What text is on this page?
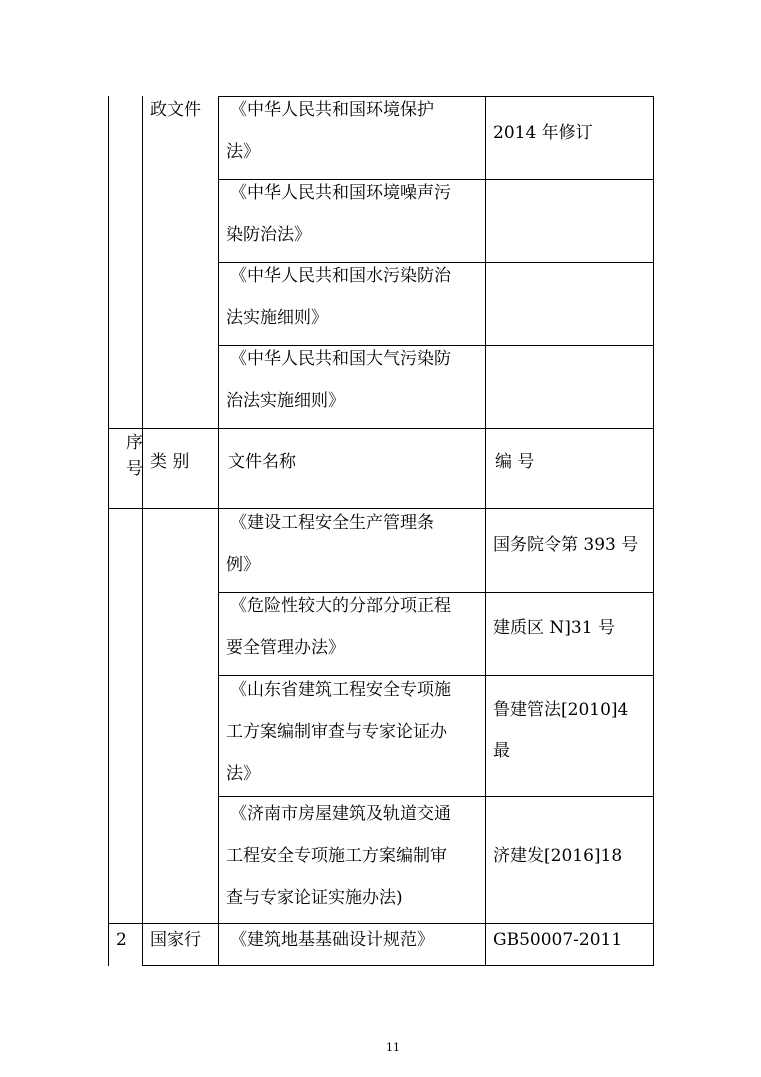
政文件 《中华人民共和国环境保护
法》
2014 年修订
《中华人民共和国环境噪声污
染防治法》
《中华人民共和国水污染防治
法实施细则》
《中华人民共和国大气污染防
治法实施细则》
序
号 类 别 文件名称	编 号
《建设工程安全生产管理条
例》
国务院令第 393 号
《危险性较大的分部分项正程
要全管理办法》
建质区 N]31 号
《山东省建筑工程安全专项施
工方案编制审查与专家论证办
法》
鲁建管法[2010]4
最
《济南市房屋建筑及轨道交通
工程安全专项施工方案编制审
查与专家论证实施办法)
济建发[2016]18
2 国家行 《建筑地基基础设计规范》	GB50007-2011
11
